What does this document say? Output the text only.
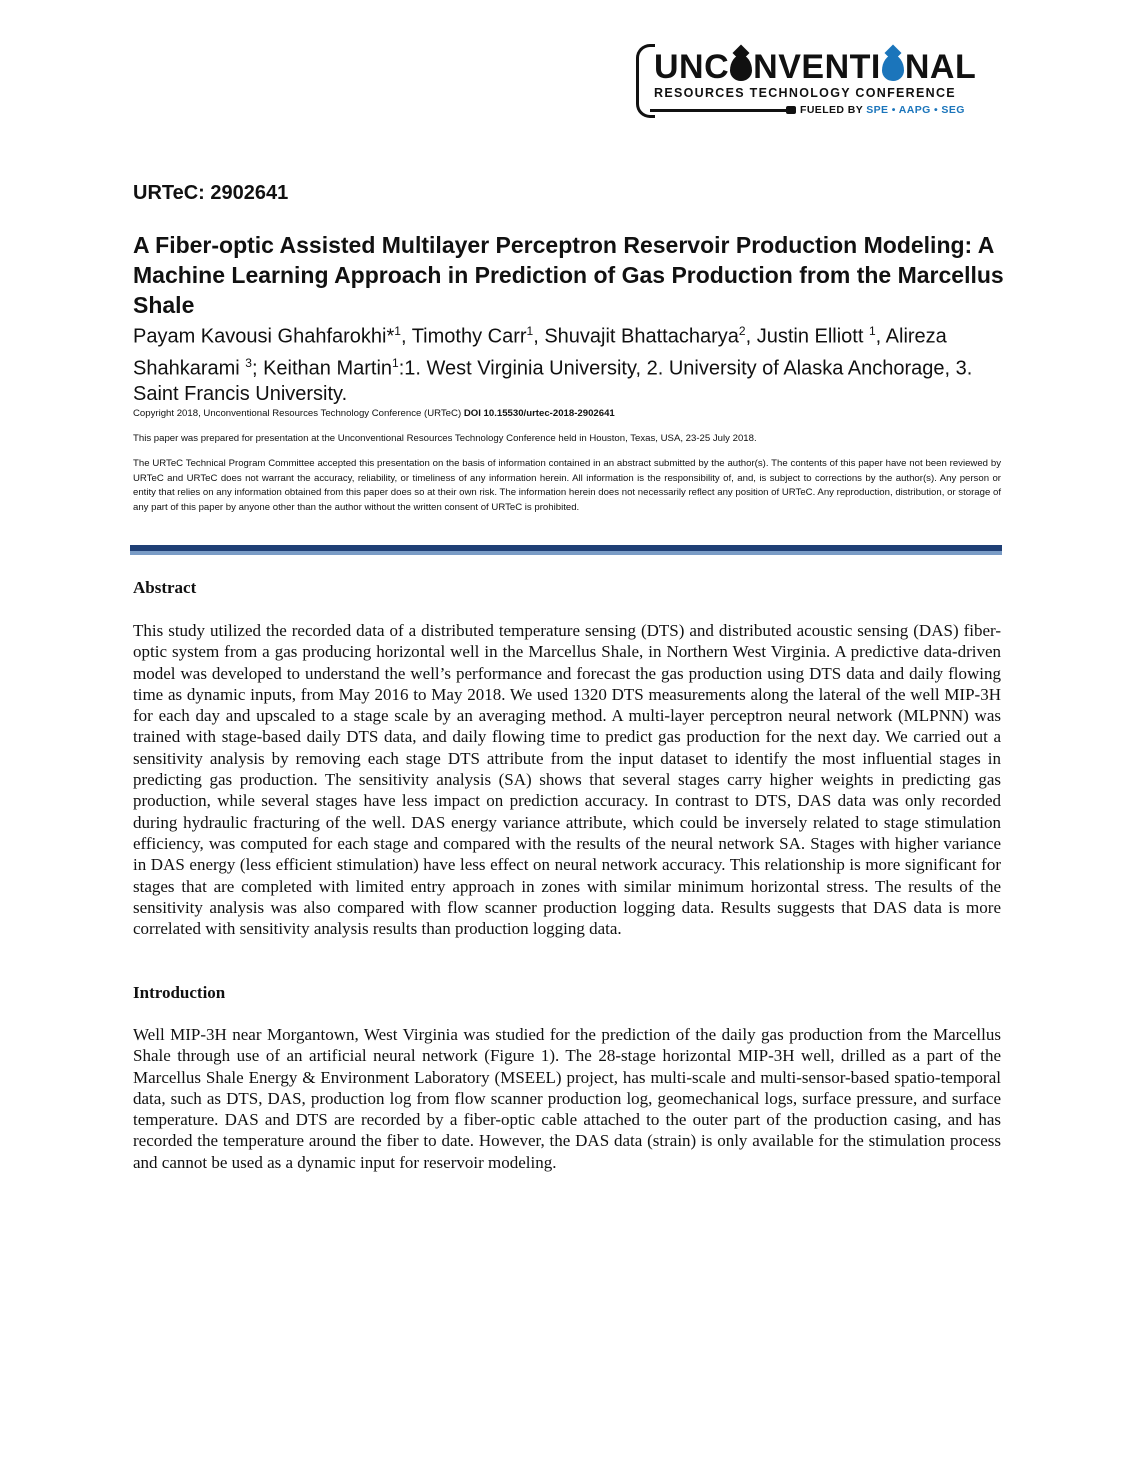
UNC NVENTI NAL
RESOURCES TECHNOLOGY CONFERENCE
FUELED BY SPE • AAPG • SEG
URTeC: 2902641
A Fiber-optic Assisted Multilayer Perceptron Reservoir Production Modeling: A Machine Learning Approach in Prediction of Gas Production from the Marcellus Shale

Payam Kavousi Ghahfarokhi*$^1$, Timothy Carr$^1$, Shuvajit Bhattacharya$^2$, Justin Elliott $^1$, Alireza Shahkarami $^3$; Keithan Martin$^1$:1. West Virginia University, 2. University of Alaska Anchorage, 3. Saint Francis University.

Copyright 2018, Unconventional Resources Technology Conference (URTeC) DOI 10.15530/urtec-2018-2902641

This paper was prepared for presentation at the Unconventional Resources Technology Conference held in Houston, Texas, USA, 23-25 July 2018.

The URTeC Technical Program Committee accepted this presentation on the basis of information contained in an abstract submitted by the author(s). The contents of this paper have not been reviewed by URTeC and URTeC does not warrant the accuracy, reliability, or timeliness of any information herein. All information is the responsibility of, and, is subject to corrections by the author(s). Any person or entity that relies on any information obtained from this paper does so at their own risk. The information herein does not necessarily reflect any position of URTeC. Any reproduction, distribution, or storage of any part of this paper by anyone other than the author without the written consent of URTeC is prohibited.

Abstract

This study utilized the recorded data of a distributed temperature sensing (DTS) and distributed acoustic sensing (DAS) fiber-optic system from a gas producing horizontal well in the Marcellus Shale, in Northern West Virginia. A predictive data-driven model was developed to understand the well’s performance and forecast the gas production using DTS data and daily flowing time as dynamic inputs, from May 2016 to May 2018. We used 1320 DTS measurements along the lateral of the well MIP-3H for each day and upscaled to a stage scale by an averaging method. A multi-layer perceptron neural network (MLPNN) was trained with stage-based daily DTS data, and daily flowing time to predict gas production for the next day. We carried out a sensitivity analysis by removing each stage DTS attribute from the input dataset to identify the most influential stages in predicting gas production. The sensitivity analysis (SA) shows that several stages carry higher weights in predicting gas production, while several stages have less impact on prediction accuracy. In contrast to DTS, DAS data was only recorded during hydraulic fracturing of the well. DAS energy variance attribute, which could be inversely related to stage stimulation efficiency, was computed for each stage and compared with the results of the neural network SA. Stages with higher variance in DAS energy (less efficient stimulation) have less effect on neural network accuracy. This relationship is more significant for stages that are completed with limited entry approach in zones with similar minimum horizontal stress. The results of the sensitivity analysis was also compared with flow scanner production logging data. Results suggests that DAS data is more correlated with sensitivity analysis results than production logging data.

Introduction

Well MIP-3H near Morgantown, West Virginia was studied for the prediction of the daily gas production from the Marcellus Shale through use of an artificial neural network (Figure 1). The 28-stage horizontal MIP-3H well, drilled as a part of the Marcellus Shale Energy & Environment Laboratory (MSEEL) project, has multi-scale and multi-sensor-based spatio-temporal data, such as DTS, DAS, production log from flow scanner production log, geomechanical logs, surface pressure, and surface temperature. DAS and DTS are recorded by a fiber-optic cable attached to the outer part of the production casing, and has recorded the temperature around the fiber to date. However, the DAS data (strain) is only available for the stimulation process and cannot be used as a dynamic input for reservoir modeling.
